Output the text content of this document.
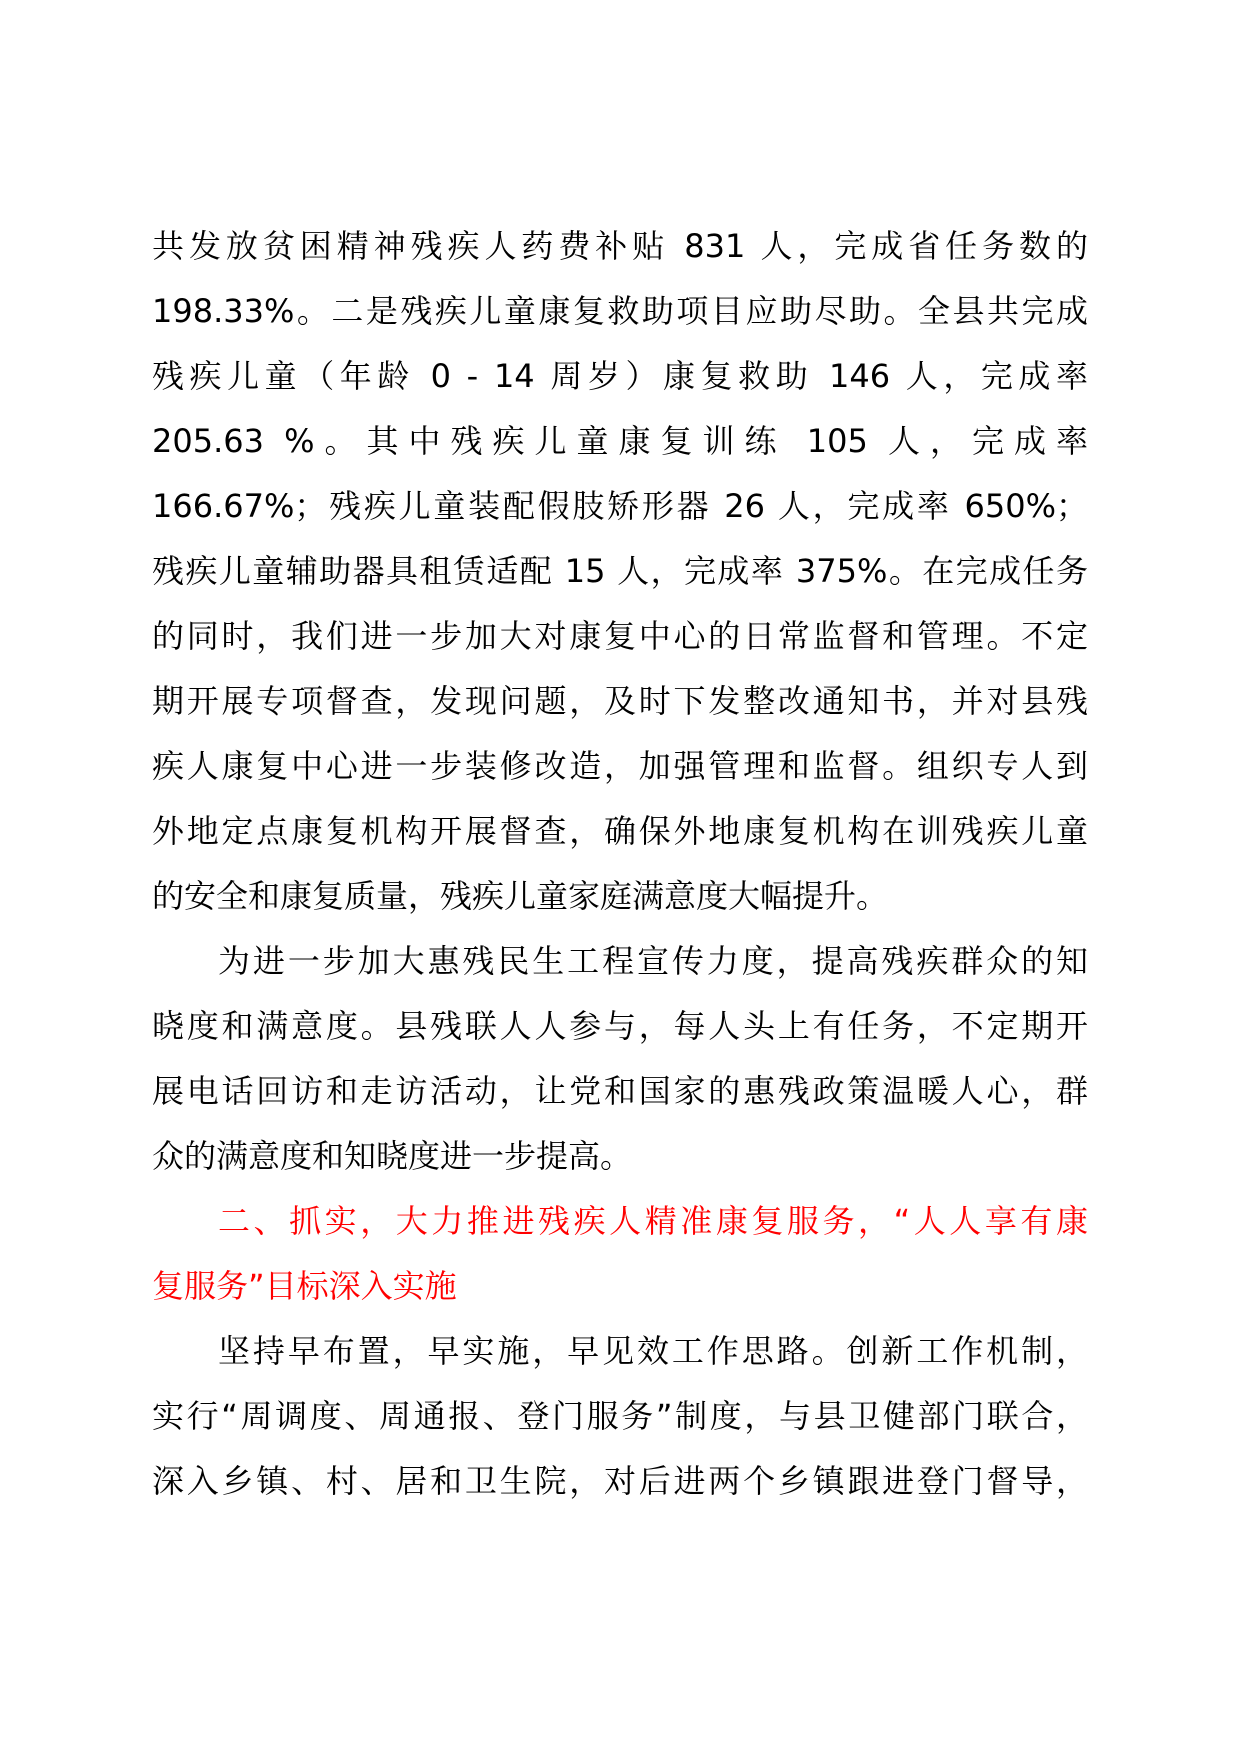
共发放贫困精神残疾人药费补贴 831 人，完成省任务数的
198.33%。二是残疾儿童康复救助项目应助尽助。全县共完成
残疾儿童（年龄 0 - 14 周岁）康复救助 146 人，完成率
205.63 %。其中残疾儿童康复训练 105 人，完成率
166.67%；残疾儿童装配假肢矫形器 26 人，完成率 650%；
残疾儿童辅助器具租赁适配 15 人，完成率 375%。在完成任务
的同时，我们进一步加大对康复中心的日常监督和管理。不定
期开展专项督查，发现问题，及时下发整改通知书，并对县残
疾人康复中心进一步装修改造，加强管理和监督。组织专人到
外地定点康复机构开展督查，确保外地康复机构在训残疾儿童
的安全和康复质量，残疾儿童家庭满意度大幅提升。
为进一步加大惠残民生工程宣传力度，提高残疾群众的知
晓度和满意度。县残联人人参与，每人头上有任务，不定期开
展电话回访和走访活动，让党和国家的惠残政策温暖人心，群
众的满意度和知晓度进一步提高。
二、抓实，大力推进残疾人精准康复服务，“人人享有康
复服务”目标深入实施
坚持早布置，早实施，早见效工作思路。创新工作机制，
实行“周调度、周通报、登门服务”制度，与县卫健部门联合，
深入乡镇、村、居和卫生院，对后进两个乡镇跟进登门督导，
